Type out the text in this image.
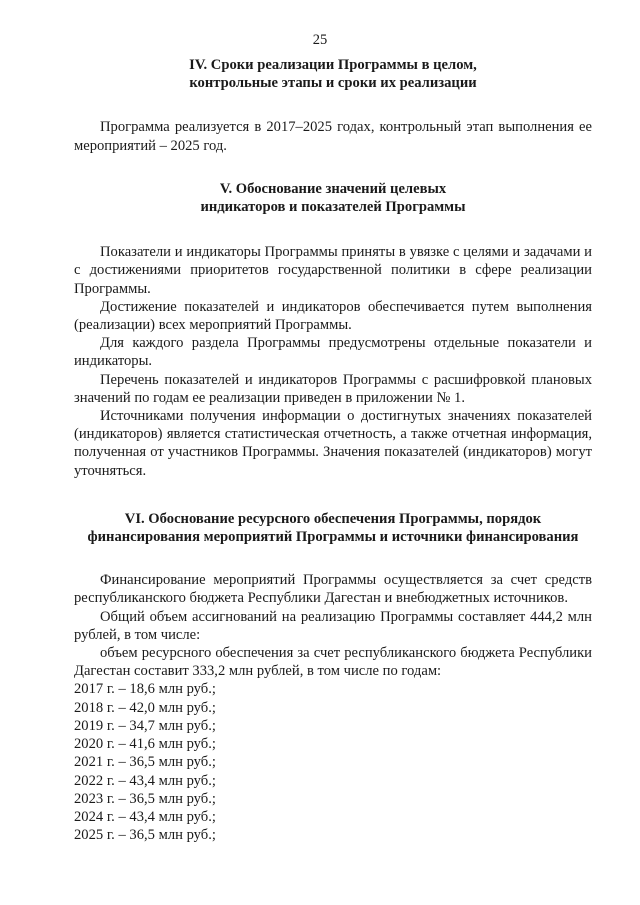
25
IV. Сроки реализации Программы в целом,
контрольные этапы и сроки их реализации

Программа реализуется в 2017–2025 годах, контрольный этап выполнения ее мероприятий – 2025 год.

V. Обоснование значений целевых
индикаторов и показателей Программы

Показатели и индикаторы Программы приняты в увязке с целями и задачами и с достижениями приоритетов государственной политики в сфере реализации Программы.

Достижение показателей и индикаторов обеспечивается путем выполнения (реализации) всех мероприятий Программы.

Для каждого раздела Программы предусмотрены отдельные показатели и индикаторы.

Перечень показателей и индикаторов Программы с расшифровкой плановых значений по годам ее реализации приведен в приложении № 1.

Источниками получения информации о достигнутых значениях показателей (индикаторов) является статистическая отчетность, а также отчетная информация, полученная от участников Программы. Значения показателей (индикаторов) могут уточняться.

VI. Обоснование ресурсного обеспечения Программы, порядок
финансирования мероприятий Программы и источники финансирования

Финансирование мероприятий Программы осуществляется за счет средств республиканского бюджета Республики Дагестан и внебюджетных источников.

Общий объем ассигнований на реализацию Программы составляет 444,2 млн рублей, в том числе:

объем ресурсного обеспечения за счет республиканского бюджета Республики Дагестан составит 333,2 млн рублей, в том числе по годам:

2017 г. – 18,6 млн руб.;

2018 г. – 42,0 млн руб.;

2019 г. – 34,7 млн руб.;

2020 г. – 41,6 млн руб.;

2021 г. – 36,5 млн руб.;

2022 г. – 43,4 млн руб.;

2023 г. – 36,5 млн руб.;

2024 г. – 43,4 млн руб.;

2025 г. – 36,5 млн руб.;
